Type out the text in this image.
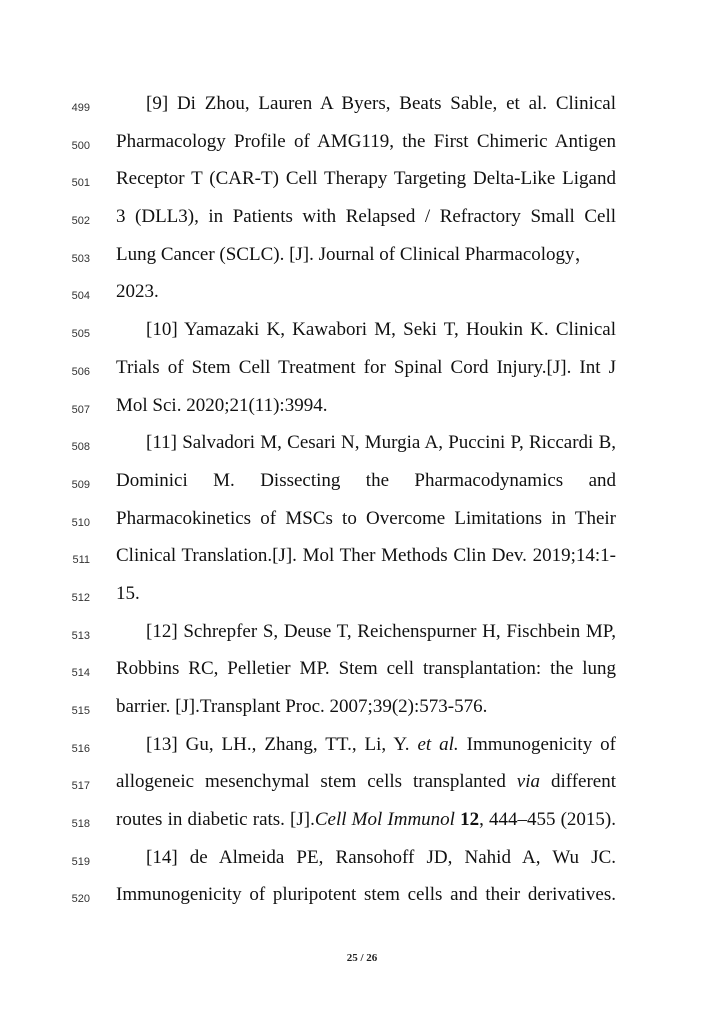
499	[9] Di Zhou, Lauren A Byers, Beats Sable, et al. Clinical
500 Pharmacology Profile of AMG119, the First Chimeric Antigen
501 Receptor T (CAR-T) Cell Therapy Targeting Delta-Like Ligand
502 3 (DLL3), in Patients with Relapsed / Refractory Small Cell
503 Lung Cancer (SCLC). [J]. Journal of Clinical Pharmacology，
504 2023.
505	[10] Yamazaki K, Kawabori M, Seki T, Houkin K. Clinical
506 Trials of Stem Cell Treatment for Spinal Cord Injury.[J]. Int J
507 Mol Sci. 2020;21(11):3994.
508	[11] Salvadori M, Cesari N, Murgia A, Puccini P, Riccardi B,
509 Dominici M. Dissecting the Pharmacodynamics and
510 Pharmacokinetics of MSCs to Overcome Limitations in Their
511 Clinical Translation.[J]. Mol Ther Methods Clin Dev. 2019;14:1-
512 15.
513	[12] Schrepfer S, Deuse T, Reichenspurner H, Fischbein MP,
514 Robbins RC, Pelletier MP. Stem cell transplantation: the lung
515 barrier. [J].Transplant Proc. 2007;39(2):573-576.
516	[13] Gu, LH., Zhang, TT., Li, Y. et al. Immunogenicity of
517 allogeneic mesenchymal stem cells transplanted via different
518 routes in diabetic rats. [J].Cell Mol Immunol 12, 444–455 (2015).
519	[14] de Almeida PE, Ransohoff JD, Nahid A, Wu JC.
520 Immunogenicity of pluripotent stem cells and their derivatives.
25 / 26
